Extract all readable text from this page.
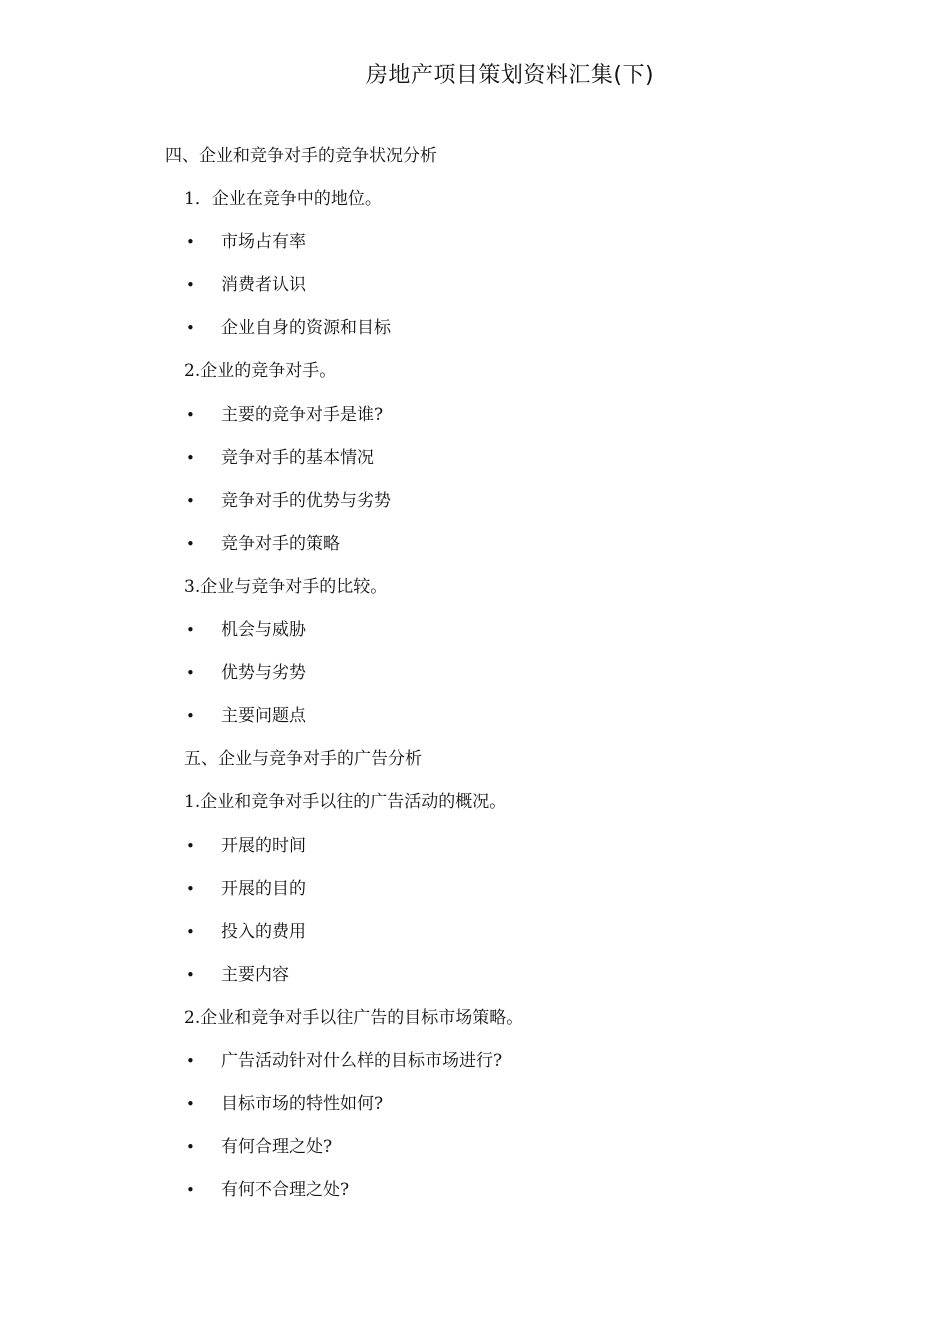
房地产项目策划资料汇集(下)
四、企业和竞争对手的竞争状况分析
1．企业在竞争中的地位。
• 市场占有率
• 消费者认识
• 企业自身的资源和目标
2.企业的竞争对手。
• 主要的竞争对手是谁?
• 竞争对手的基本情况
• 竞争对手的优势与劣势
• 竞争对手的策略
3.企业与竞争对手的比较。
• 机会与威胁
• 优势与劣势
• 主要问题点
五、企业与竞争对手的广告分析
1.企业和竞争对手以往的广告活动的概况。
• 开展的时间
• 开展的目的
• 投入的费用
• 主要内容
2.企业和竞争对手以往广告的目标市场策略。
• 广告活动针对什么样的目标市场进行?
• 目标市场的特性如何?
• 有何合理之处?
• 有何不合理之处?
